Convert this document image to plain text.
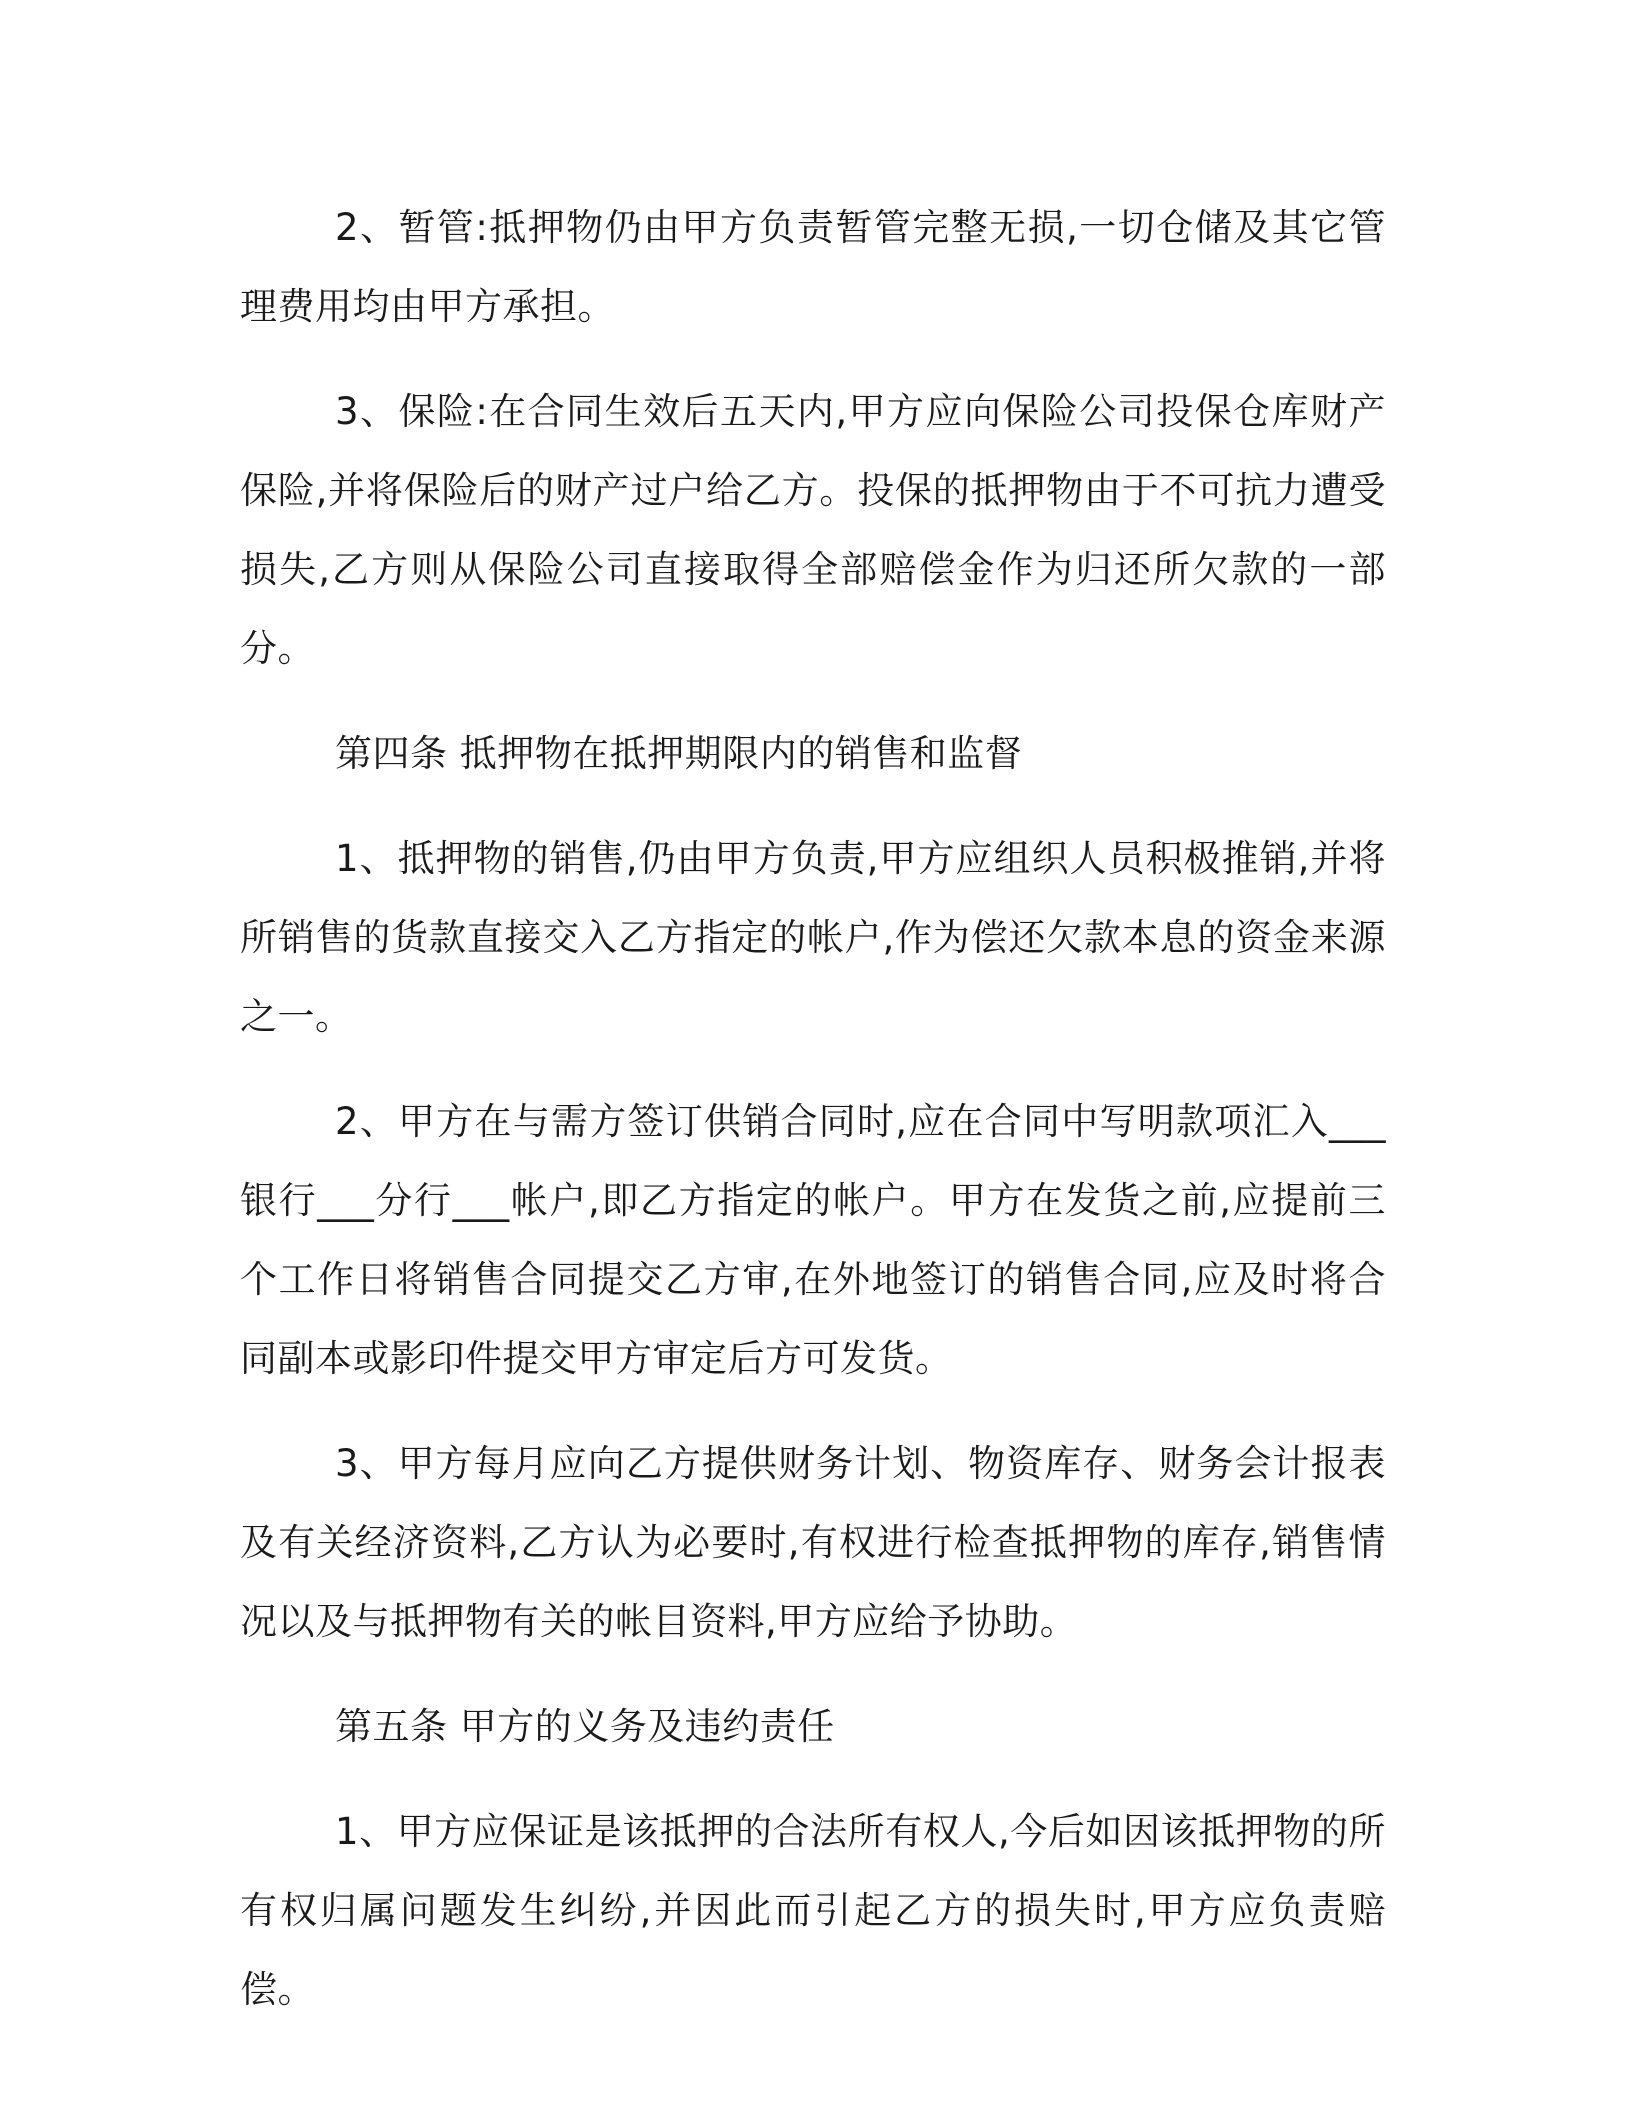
2、暂管:抵押物仍由甲方负责暂管完整无损,一切仓储及其它管理费用均由甲方承担。

3、保险:在合同生效后五天内,甲方应向保险公司投保仓库财产保险,并将保险后的财产过户给乙方。投保的抵押物由于不可抗力遭受损失,乙方则从保险公司直接取得全部赔偿金作为归还所欠款的一部分。

第四条 抵押物在抵押期限内的销售和监督

1、抵押物的销售,仍由甲方负责,甲方应组织人员积极推销,并将所销售的货款直接交入乙方指定的帐户,作为偿还欠款本息的资金来源之一。

2、甲方在与需方签订供销合同时,应在合同中写明款项汇入___银行___分行___帐户,即乙方指定的帐户。甲方在发货之前,应提前三个工作日将销售合同提交乙方审,在外地签订的销售合同,应及时将合同副本或影印件提交甲方审定后方可发货。

3、甲方每月应向乙方提供财务计划、物资库存、财务会计报表及有关经济资料,乙方认为必要时,有权进行检查抵押物的库存,销售情况以及与抵押物有关的帐目资料,甲方应给予协助。

第五条 甲方的义务及违约责任

1、甲方应保证是该抵押的合法所有权人,今后如因该抵押物的所有权归属问题发生纠纷,并因此而引起乙方的损失时,甲方应负责赔偿。
